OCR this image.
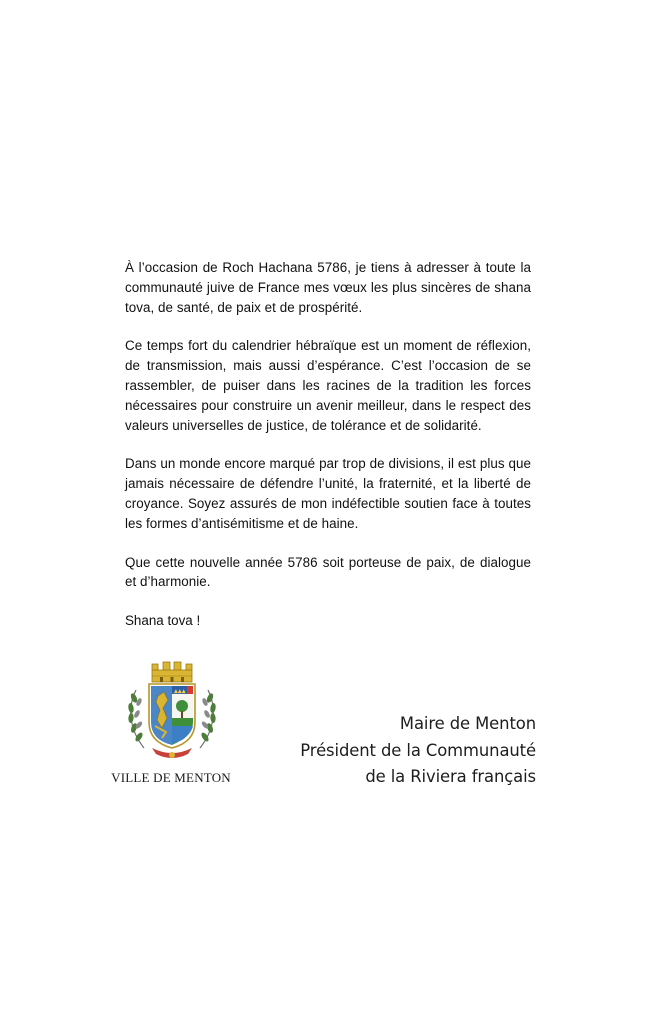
À l’occasion de Roch Hachana 5786, je tiens à adresser à toute la communauté juive de France mes vœux les plus sincères de shana tova, de santé, de paix et de prospérité.

Ce temps fort du calendrier hébraïque est un moment de réflexion, de transmission, mais aussi d’espérance. C’est l’occasion de se rassembler, de puiser dans les racines de la tradition les forces nécessaires pour construire un avenir meilleur, dans le respect des valeurs universelles de justice, de tolérance et de solidarité.

Dans un monde encore marqué par trop de divisions, il est plus que jamais nécessaire de défendre l’unité, la fraternité, et la liberté de croyance. Soyez assurés de mon indéfectible soutien face à toutes les formes d’antisémitisme et de haine.

Que cette nouvelle année 5786 soit porteuse de paix, de dialogue et d’harmonie.

Shana tova !

▲▲▲
VILLE DE MENTON
Maire de Menton
Président de la Communauté
de la Riviera français
